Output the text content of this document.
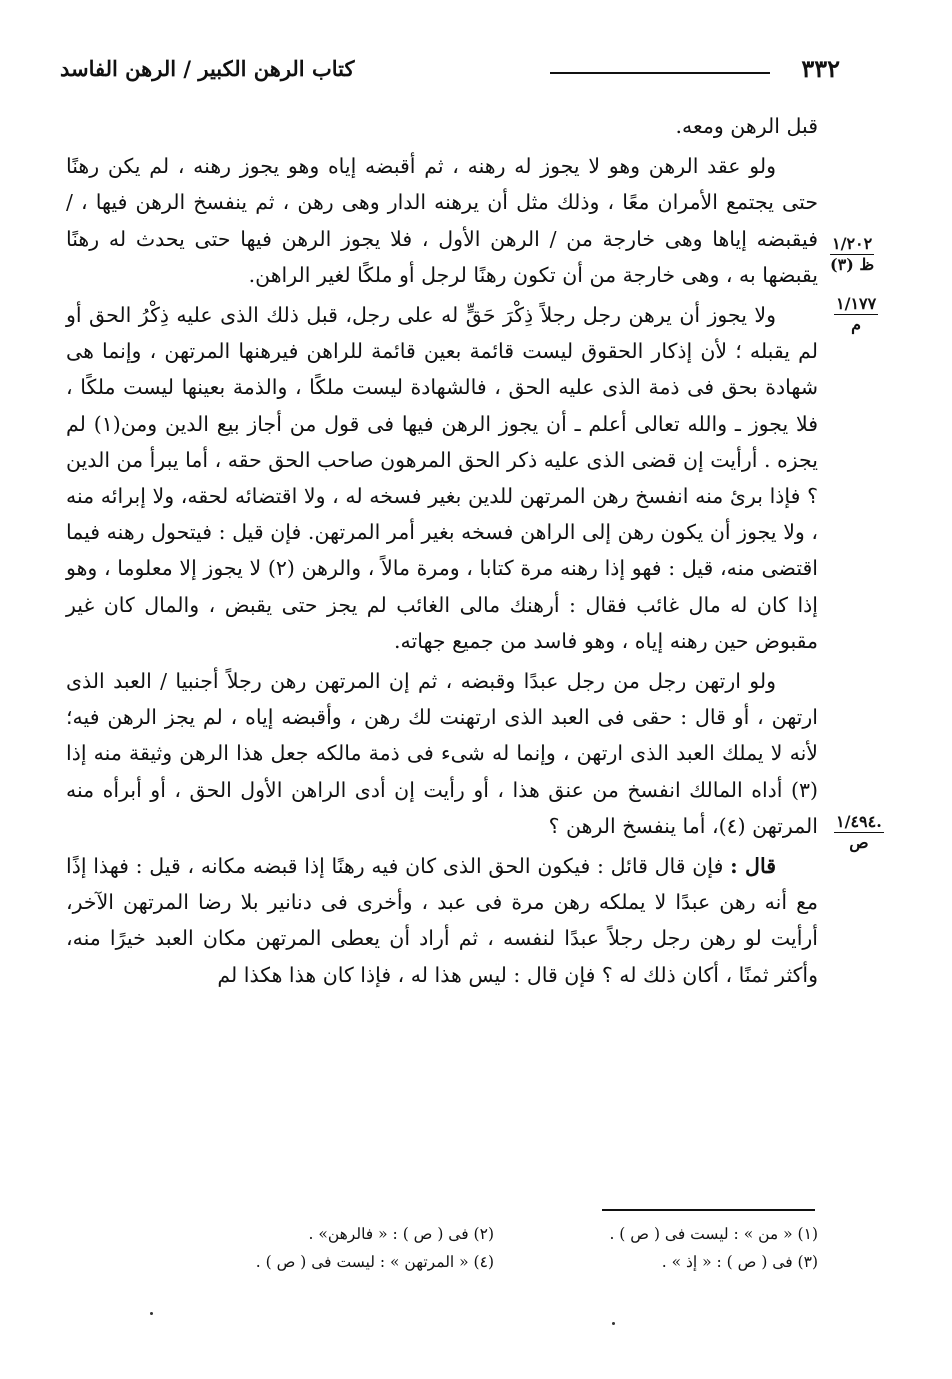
٣٣٢
كتاب الرهن الكبير / الرهن الفاسد
١/٢٠٢
ظ (٣)
١/١٧٧
م
١/٤٩٤.
ص

قبل الرهن ومعه.

ولو عقد الرهن وهو لا يجوز له رهنه ، ثم أقبضه إياه وهو يجوز رهنه ، لم يكن رهنًا حتى يجتمع الأمران معًا ، وذلك مثل أن يرهنه الدار وهى رهن ، ثم ينفسخ الرهن فيها ، / فيقبضه إياها وهى خارجة من / الرهن الأول ، فلا يجوز الرهن فيها حتى يحدث له رهنًا يقبضها به ، وهى خارجة من أن تكون رهنًا لرجل أو ملكًا لغير الراهن.

ولا يجوز أن يرهن رجل رجلاً ذِكْرَ حَقٍّ له على رجل، قبل ذلك الذى عليه ذِكْرُ الحق أو لم يقبله ؛ لأن إذكار الحقوق ليست قائمة بعين قائمة للراهن فيرهنها المرتهن ، وإنما هى شهادة بحق فى ذمة الذى عليه الحق ، فالشهادة ليست ملكًا ، والذمة بعينها ليست ملكًا ، فلا يجوز ـ والله تعالى أعلم ـ أن يجوز الرهن فيها فى قول من أجاز بيع الدين ومن(١) لم يجزه . أرأيت إن قضى الذى عليه ذكر الحق المرهون صاحب الحق حقه ، أما يبرأ من الدين ؟ فإذا برئ منه انفسخ رهن المرتهن للدين بغير فسخه له ، ولا اقتضائه لحقه، ولا إبرائه منه ، ولا يجوز أن يكون رهن إلى الراهن فسخه بغير أمر المرتهن. فإن قيل : فيتحول رهنه فيما اقتضى منه، قيل : فهو إذا رهنه مرة كتابا ، ومرة مالاً ، والرهن (٢) لا يجوز إلا معلوما ، وهو إذا كان له مال غائب فقال : أرهنك مالى الغائب لم يجز حتى يقبض ، والمال كان غير مقبوض حين رهنه إياه ، وهو فاسد من جميع جهاته.

ولو ارتهن رجل من رجل عبدًا وقبضه ، ثم إن المرتهن رهن رجلاً أجنبيا / العبد الذى ارتهن ، أو قال : حقى فى العبد الذى ارتهنت لك رهن ، وأقبضه إياه ، لم يجز الرهن فيه؛ لأنه لا يملك العبد الذى ارتهن ، وإنما له شىء فى ذمة مالكه جعل هذا الرهن وثيقة منه إذا (٣) أداه المالك انفسخ من عنق هذا ، أو رأيت إن أدى الراهن الأول الحق ، أو أبرأه منه المرتهن (٤)، أما ينفسخ الرهن ؟

قال : فإن قال قائل : فيكون الحق الذى كان فيه رهنًا إذا قبضه مكانه ، قيل : فهذا إذًا مع أنه رهن عبدًا لا يملكه رهن مرة فى عبد ، وأخرى فى دنانير بلا رضا المرتهن الآخر، أرأيت لو رهن رجل رجلاً عبدًا لنفسه ، ثم أراد أن يعطى المرتهن مكان العبد خيرًا منه، وأكثر ثمنًا ، أكان ذلك له ؟ فإن قال : ليس هذا له ، فإذا كان هذا هكذا لم

(١) « من » : ليست فى ( ص ) .
(٢) فى ( ص ) : « فالرهن» .
(٣) فى ( ص ) : « إذ » .
(٤) « المرتهن » : ليست فى ( ص ) .
